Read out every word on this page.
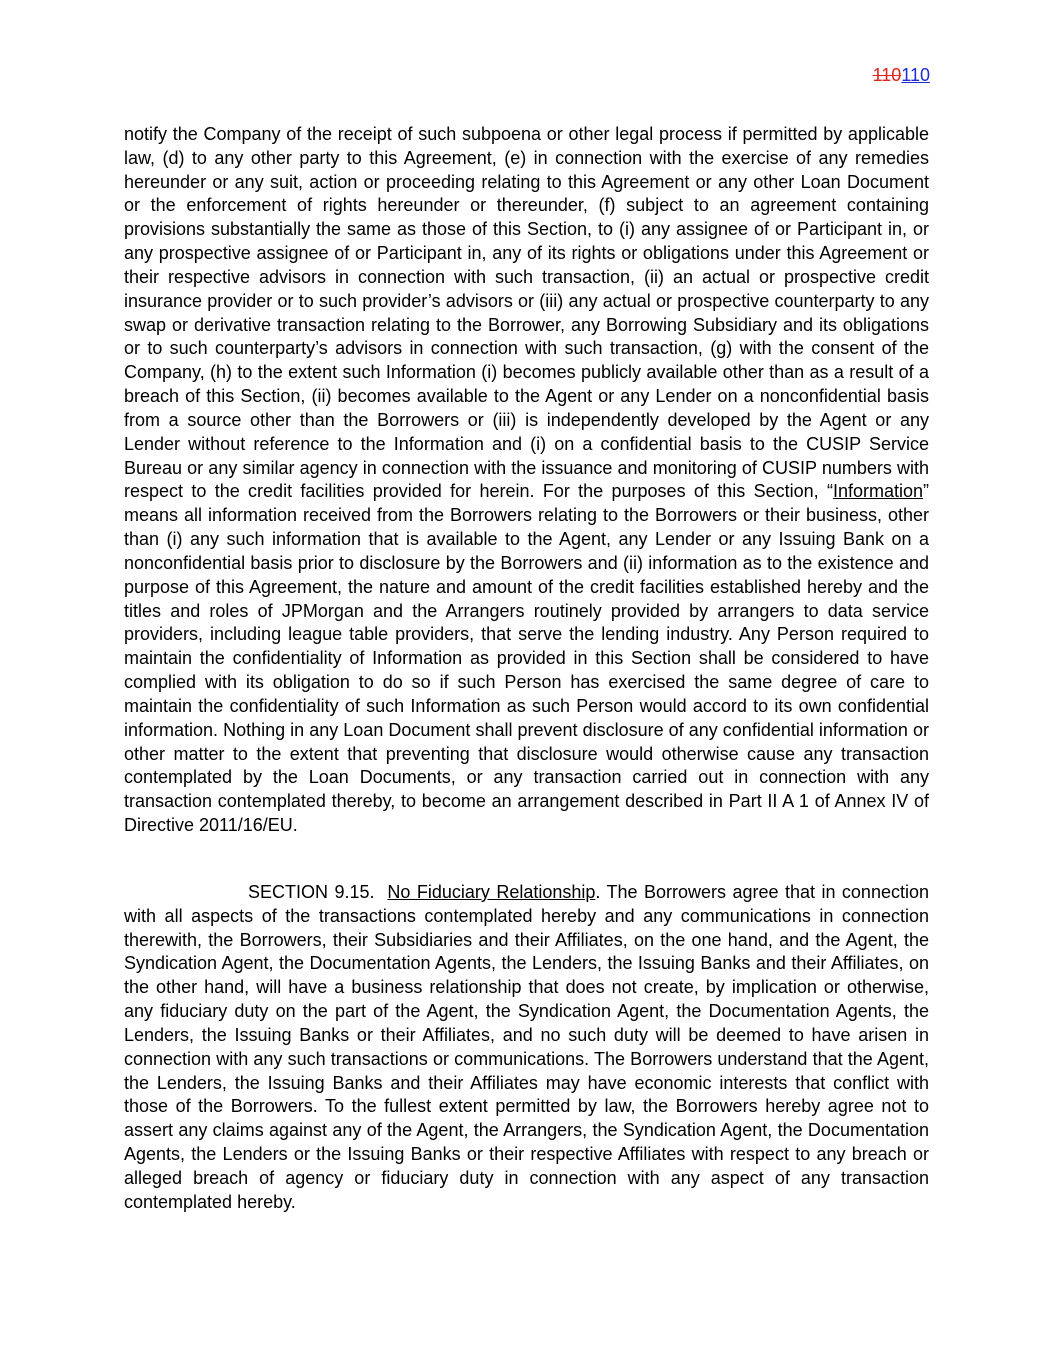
110110

notify the Company of the receipt of such subpoena or other legal process if permitted by applicable law, (d) to any other party to this Agreement, (e) in connection with the exercise of any remedies hereunder or any suit, action or proceeding relating to this Agreement or any other Loan Document or the enforcement of rights hereunder or thereunder, (f) subject to an agreement containing provisions substantially the same as those of this Section, to (i) any assignee of or Participant in, or any prospective assignee of or Participant in, any of its rights or obligations under this Agreement or their respective advisors in connection with such transaction, (ii) an actual or prospective credit insurance provider or to such provider’s advisors or (iii) any actual or prospective counterparty to any swap or derivative transaction relating to the Borrower, any Borrowing Subsidiary and its obligations or to such counterparty’s advisors in connection with such transaction, (g) with the consent of the Company, (h) to the extent such Information (i) becomes publicly available other than as a result of a breach of this Section, (ii) becomes available to the Agent or any Lender on a nonconfidential basis from a source other than the Borrowers or (iii) is independently developed by the Agent or any Lender without reference to the Information and (i) on a confidential basis to the CUSIP Service Bureau or any similar agency in connection with the issuance and monitoring of CUSIP numbers with respect to the credit facilities provided for herein. For the purposes of this Section, “Information” means all information received from the Borrowers relating to the Borrowers or their business, other than (i) any such information that is available to the Agent, any Lender or any Issuing Bank on a nonconfidential basis prior to disclosure by the Borrowers and (ii) information as to the existence and purpose of this Agreement, the nature and amount of the credit facilities established hereby and the titles and roles of JPMorgan and the Arrangers routinely provided by arrangers to data service providers, including league table providers, that serve the lending industry. Any Person required to maintain the confidentiality of Information as provided in this Section shall be considered to have complied with its obligation to do so if such Person has exercised the same degree of care to maintain the confidentiality of such Information as such Person would accord to its own confidential information. Nothing in any Loan Document shall prevent disclosure of any confidential information or other matter to the extent that preventing that disclosure would otherwise cause any transaction contemplated by the Loan Documents, or any transaction carried out in connection with any transaction contemplated thereby, to become an arrangement described in Part II A 1 of Annex IV of Directive 2011/16/EU.

SECTION 9.15. No Fiduciary Relationship. The Borrowers agree that in connection with all aspects of the transactions contemplated hereby and any communications in connection therewith, the Borrowers, their Subsidiaries and their Affiliates, on the one hand, and the Agent, the Syndication Agent, the Documentation Agents, the Lenders, the Issuing Banks and their Affiliates, on the other hand, will have a business relationship that does not create, by implication or otherwise, any fiduciary duty on the part of the Agent, the Syndication Agent, the Documentation Agents, the Lenders, the Issuing Banks or their Affiliates, and no such duty will be deemed to have arisen in connection with any such transactions or communications. The Borrowers understand that the Agent, the Lenders, the Issuing Banks and their Affiliates may have economic interests that conflict with those of the Borrowers. To the fullest extent permitted by law, the Borrowers hereby agree not to assert any claims against any of the Agent, the Arrangers, the Syndication Agent, the Documentation Agents, the Lenders or the Issuing Banks or their respective Affiliates with respect to any breach or alleged breach of agency or fiduciary duty in connection with any aspect of any transaction contemplated hereby.
